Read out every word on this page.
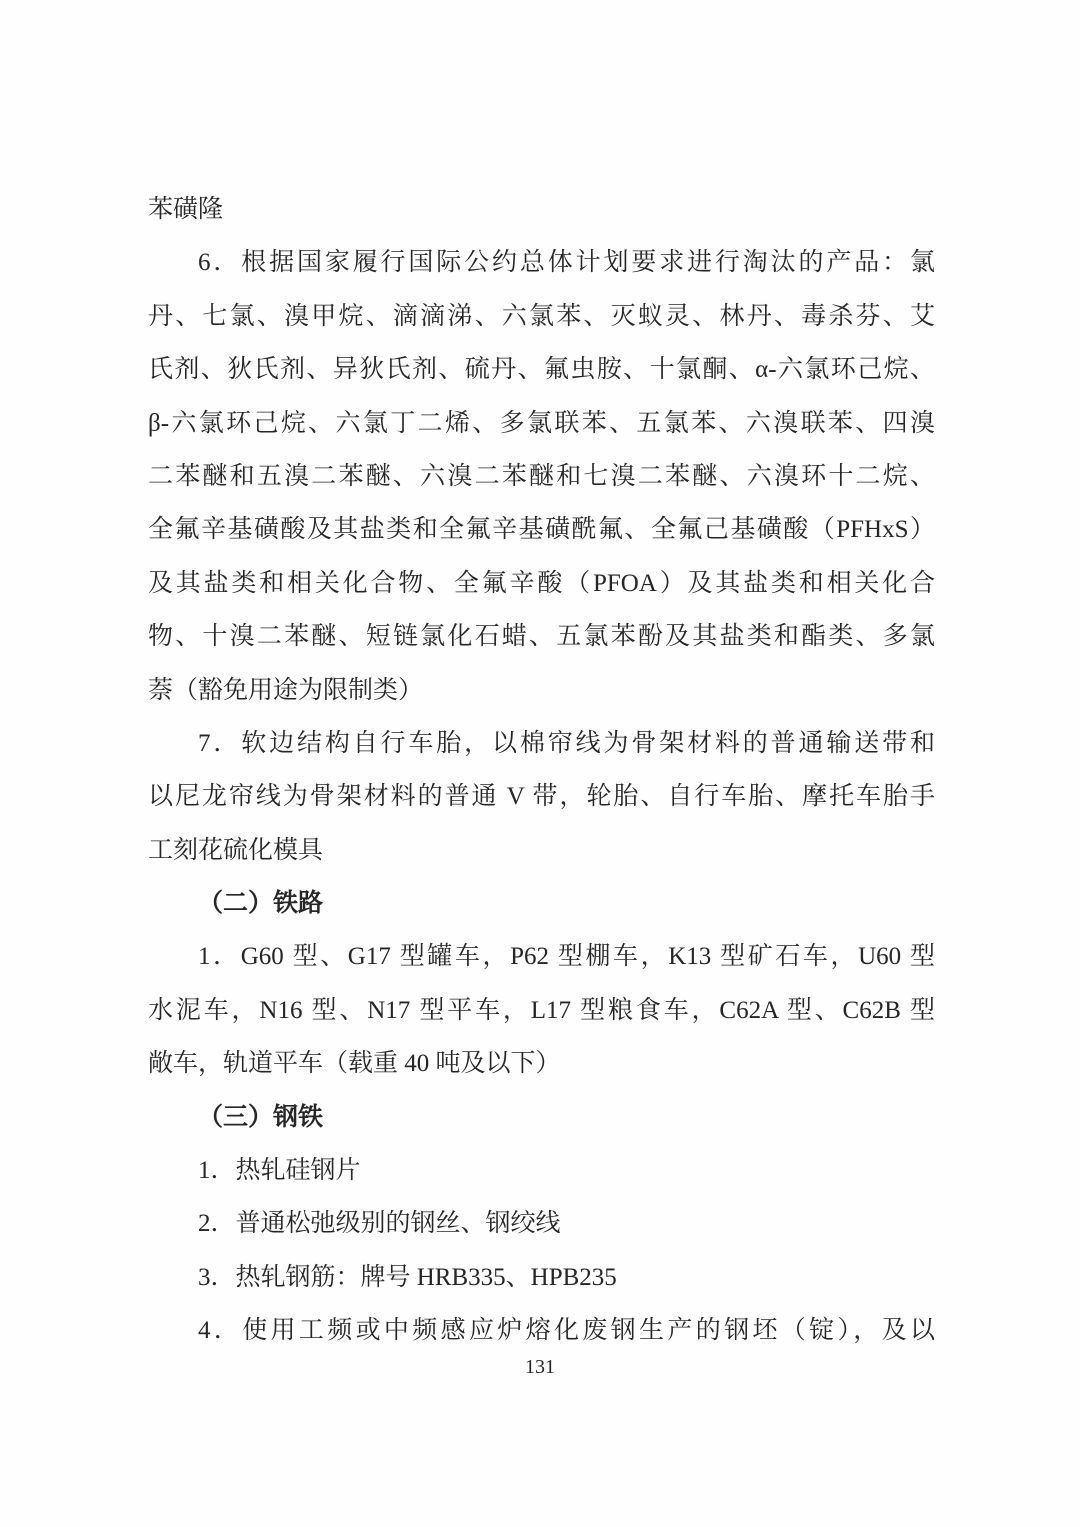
苯磺隆
6．根据国家履行国际公约总体计划要求进行淘汰的产品：氯
丹、七氯、溴甲烷、滴滴涕、六氯苯、灭蚁灵、林丹、毒杀芬、艾
氏剂、狄氏剂、异狄氏剂、硫丹、氟虫胺、十氯酮、α-六氯环己烷、
β-六氯环己烷、六氯丁二烯、多氯联苯、五氯苯、六溴联苯、四溴
二苯醚和五溴二苯醚、六溴二苯醚和七溴二苯醚、六溴环十二烷、
全氟辛基磺酸及其盐类和全氟辛基磺酰氟、全氟己基磺酸（PFHxS）
及其盐类和相关化合物、全氟辛酸（PFOA）及其盐类和相关化合
物、十溴二苯醚、短链氯化石蜡、五氯苯酚及其盐类和酯类、多氯
萘（豁免用途为限制类）
7．软边结构自行车胎，以棉帘线为骨架材料的普通输送带和
以尼龙帘线为骨架材料的普通 V 带，轮胎、自行车胎、摩托车胎手
工刻花硫化模具
（二）铁路
1．G60 型、G17 型罐车，P62 型棚车，K13 型矿石车，U60 型
水泥车，N16 型、N17 型平车，L17 型粮食车，C62A 型、C62B 型
敞车，轨道平车（载重 40 吨及以下）
（三）钢铁
1．热轧硅钢片
2．普通松弛级别的钢丝、钢绞线
3．热轧钢筋：牌号 HRB335、HPB235
4．使用工频或中频感应炉熔化废钢生产的钢坯（锭），及以
131
